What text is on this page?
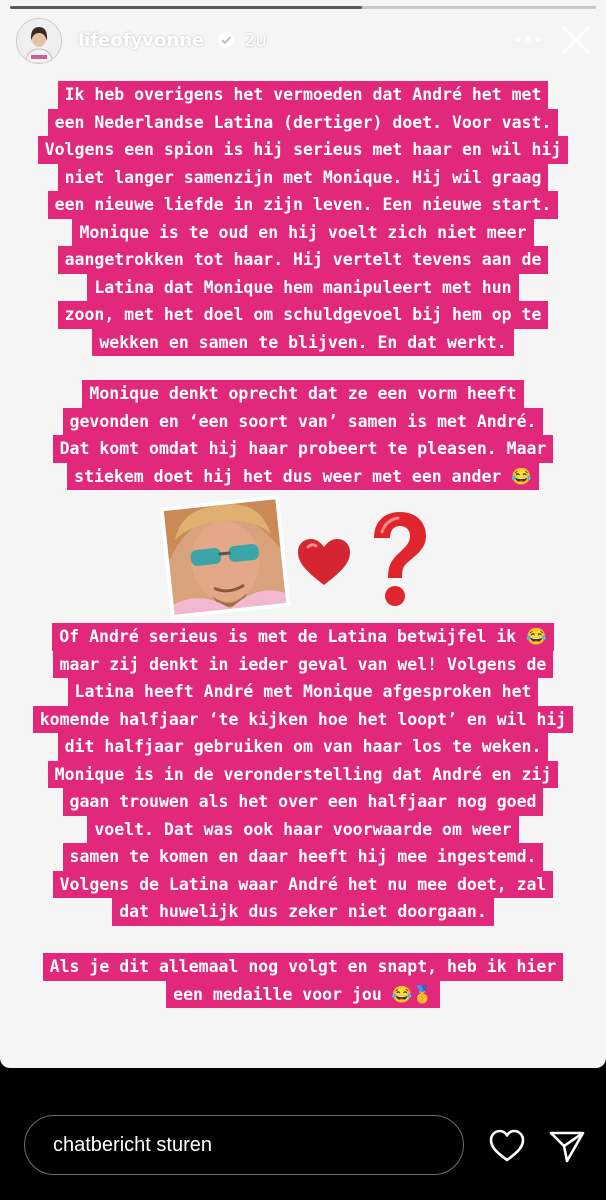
lifeofyvonne 2u
Ik heb overigens het vermoeden dat André het met
een Nederlandse Latina (dertiger) doet. Voor vast.
Volgens een spion is hij serieus met haar en wil hij
niet langer samenzijn met Monique. Hij wil graag
een nieuwe liefde in zijn leven. Een nieuwe start.
Monique is te oud en hij voelt zich niet meer
aangetrokken tot haar. Hij vertelt tevens aan de
Latina dat Monique hem manipuleert met hun
zoon, met het doel om schuldgevoel bij hem op te
wekken en samen te blijven. En dat werkt.
Monique denkt oprecht dat ze een vorm heeft
gevonden en ‘een soort van’ samen is met André.
Dat komt omdat hij haar probeert te pleasen. Maar
stiekem doet hij het dus weer met een ander 😂
Of André serieus is met de Latina betwijfel ik 😂
maar zij denkt in ieder geval van wel! Volgens de
Latina heeft André met Monique afgesproken het
komende halfjaar ‘te kijken hoe het loopt’ en wil hij
dit halfjaar gebruiken om van haar los te weken.
Monique is in de veronderstelling dat André en zij
gaan trouwen als het over een halfjaar nog goed
voelt. Dat was ook haar voorwaarde om weer
samen te komen en daar heeft hij mee ingestemd.
Volgens de Latina waar André het nu mee doet, zal
dat huwelijk dus zeker niet doorgaan.
Als je dit allemaal nog volgt en snapt, heb ik hier
een medaille voor jou 😂🥇
chatbericht sturen
